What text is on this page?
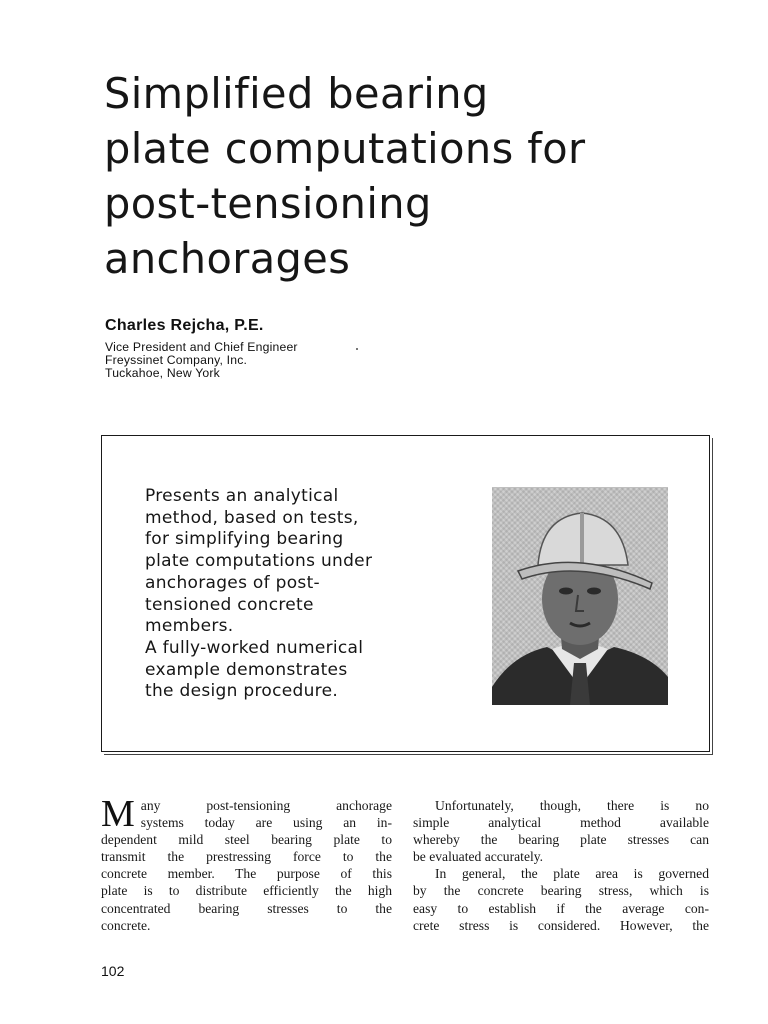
Simplified bearing
plate computations for
post-tensioning
anchorages

Charles Rejcha, P.E.

Vice President and Chief Engineer
Freyssinet Company, Inc.
Tuckahoe, New York
Presents an analytical
method, based on tests,
for simplifying bearing
plate computations under
anchorages of post-
tensioned concrete
members.
A fully-worked numerical
example demonstrates
the design procedure.
M any post-tensioning anchorage
systems today are using an in-
dependent mild steel bearing plate to
transmit the prestressing force to the
concrete member. The purpose of this
plate is to distribute efficiently the high
concentrated bearing stresses to the
concrete.
Unfortunately, though, there is no
simple analytical method available
whereby the bearing plate stresses can
be evaluated accurately.
In general, the plate area is governed
by the concrete bearing stress, which is
easy to establish if the average con-
crete stress is considered. However, the
102
